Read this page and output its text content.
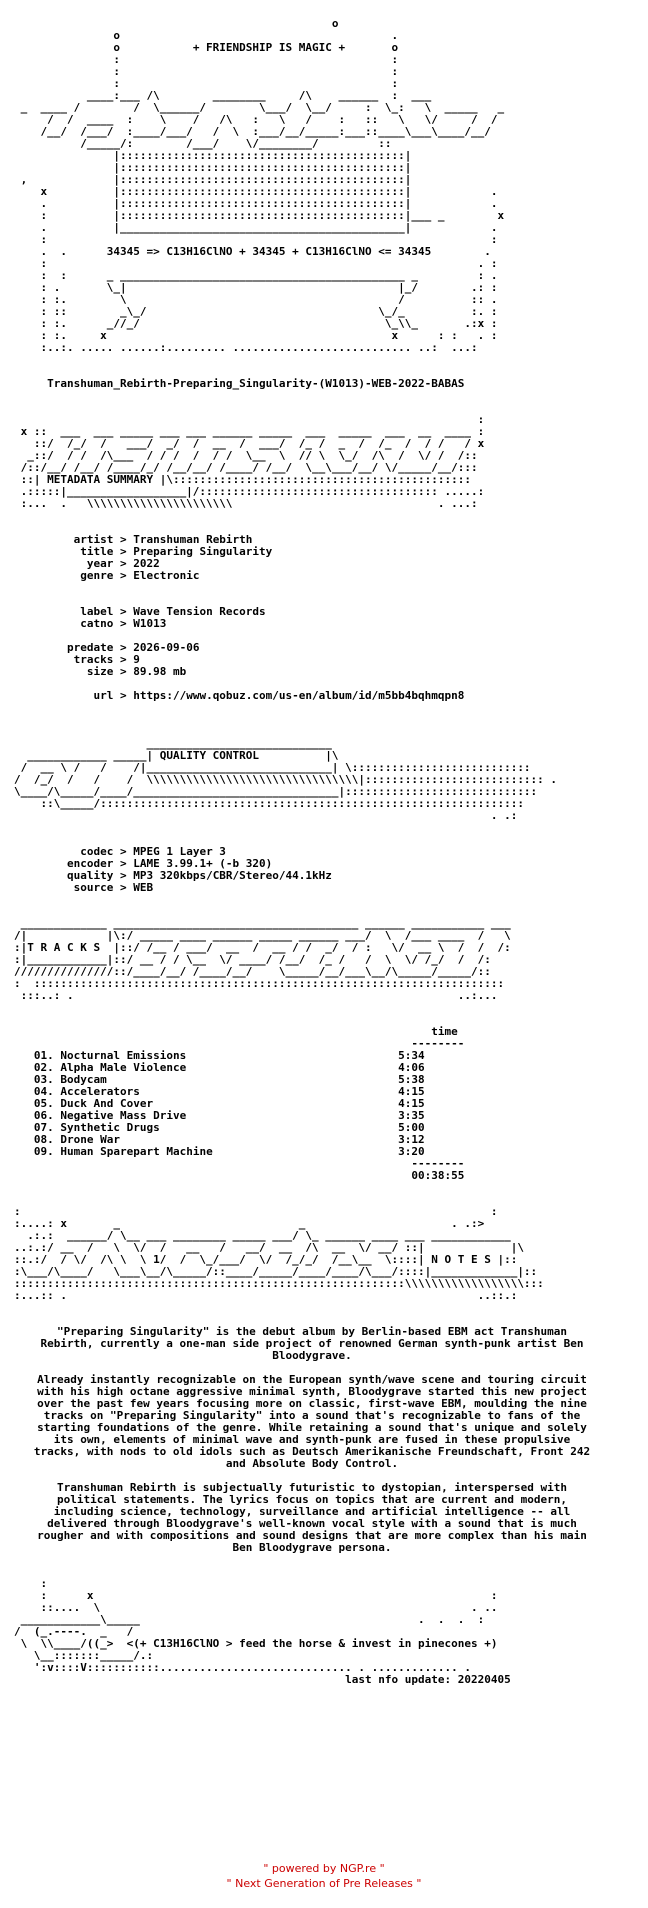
o
o                                         .
o	+ FRIENDSHIP IS MAGIC +	o
:                                         :
:                                         :
:                                         :
____:___ /\        ________     /\    ______  :  ___
_  ____ /        /  \______/        \___/  \__/     :  \_:   \  _____   _
/  /  ____  :    \    /   /\   :   \   /    :   ::   \   \/     /  /
/__/  /___/  :____/___/   /  \  :___/__/_____:___::____\___\____/__/
/_____/:        /___/    \/________/         ::
|:::::::::::::::::::::::::::::::::::::::::::|
|:::::::::::::::::::::::::::::::::::::::::::|
,             |:::::::::::::::::::::::::::::::::::::::::::|
x          |:::::::::::::::::::::::::::::::::::::::::::|            .
.          |:::::::::::::::::::::::::::::::::::::::::::|            .
:          |:::::::::::::::::::::::::::::::::::::::::::|___ _        x
.          |___________________________________________|            .
:                                                                   :
.  .	34345 => C13H16ClNO + 34345 + C13H16ClNO <= 34345	.
:                                                                 . :
:  :      _ ___________________________________________ _         : .
: .       \_|                                         |_/        .: :
: :.        \                                         /          :: .
: ::        _\_/                                   \_/_          :. :
: :.      _//_/                                     \_\\_       .:x :
: :.     x                                           x      : :   . :
:..:. ..... ......:......... ........................... ..:  ...:

Transhuman_Rebirth-Preparing_Singularity-(W1013)-WEB-2022-BABAS

:
x ::  ___  ___ _____ ___ ___ ______ _____  ___  _____  ___  __  ____ :
::/  /_/  /   ___/  _/  /  __  /  ___/  /_ /  _  /  /_  /  / /   / x
_::/  / /  /\___  / / /  /  / /  \__  \  // \  \_/  /\  /  \/ /  /::
/::/__/ /__/ /____/_/ /__/__/ /____/ /__/  \__\___/__/ \/_____/__/:::
::| METADATA SUMMARY |\:::::::::::::::::::::::::::::::::::::::::::::
.:::::|__________________|/:::::::::::::::::::::::::::::::::::: .....:
:...  .   \\\\\\\\\\\\\\\\\\\\\\                               . ...:

artist > Transhuman Rebirth
title > Preparing Singularity
year > 2022
genre > Electronic

label > Wave Tension Records
catno > W1013

predate > 2026-09-06
tracks > 9
size > 89.98 mb

url > https://www.qobuz.com/us-en/album/id/m5bb4bqhmqpn8

____________________________
____________ _____| QUALITY CONTROL	|\
/  __ \ /   /    /|____________________________| \:::::::::::::::::::::::::::
/  /_/  /   /    /  \\\\\\\\\\\\\\\\\\\\\\\\\\\\\\\\|::::::::::::::::::::::::::: .
\____/\_____/____/_______________________________|:::::::::::::::::::::::::::::
::\_____/::::::::::::::::::::::::::::::::::::::::::::::::::::::::::::::::
. .:

codec > MPEG 1 Layer 3
encoder > LAME 3.99.1+ (-b 320)
quality > MP3 320kbps/CBR/Stereo/44.1kHz
source > WEB

_____________ _____________________________________ ______ ___________ ___
/|            |\:/ _____ ____ ______ _____ ______ ___/  \  /___ ____  /   \
:|T R A C K S  |::/ /__ / ___/  __  /  __ / /  _/  / :   \/  __ \  /  /  /:
:|____________|::/ __ / / \__  \/ ____/ /__/  /_ /   /  \  \/ /_/  /  /:
///////////////::/____/__/ /____/__/    \_____/__/___\__/\_____/_____/::
:  :::::::::::::::::::::::::::::::::::::::::::::::::::::::::::::::::::::::
:::..: .                                                          ..:...

time
--------
01. Nocturnal Emissions	5:34
02. Alpha Male Violence	4:06
03. Bodycam	5:38
04. Accelerators	4:15
05. Duck And Cover	4:15
06. Negative Mass Drive	3:35
07. Synthetic Drugs	5:00
08. Drone War	3:12
09. Human Sparepart Machine	3:20
--------
00:38:55

:                                                                       :
:....: x       _                           _                      . .:>
.:.:  ______/ \__ ___ ________ _____ ___/ \_ ______ ____ ___ ____________
..:.:/ __  /   \  \/  /   __   /   __/  __  /\  __  \/ __/ ::|             |\
::.:/  / \/  /\ \  \ 1/  /  \_/___/  \/  /_/_/  /__\__  \::::| N O T E S |::
:\___/\____/   \___\__/\_____/::____/_____/____/____/\___/::::|_____________|::
:::::::::::::::::::::::::::::::::::::::::::::::::::::::::::\\\\\\\\\\\\\\\\\\:::
:...:: .                                                              ..::.:

"Preparing Singularity" is the debut album by Berlin-based EBM act Transhuman Rebirth, currently a one-man side project of renowned German synth-punk artist Ben Bloodygrave.

Already instantly recognizable on the European synth/wave scene and touring circuit with his high octane aggressive minimal synth, Bloodygrave started this new project over the past few years focusing more on classic, first-wave EBM, moulding the nine tracks on "Preparing Singularity" into a sound that's recognizable to fans of the starting foundations of the genre. While retaining a sound that's unique and solely its own, elements of minimal wave and synth-punk are fused in these propulsive tracks, with nods to old idols such as Deutsch Amerikanische Freundschaft, Front 242 and Absolute Body Control.

Transhuman Rebirth is subjectually futuristic to dystopian, interspersed with political statements. The lyrics focus on topics that are current and modern, including science, technology, surveillance and artificial intelligence -- all delivered through Bloodygrave's well-known vocal style with a sound that is much rougher and with compositions and sound designs that are more complex than his main Ben Bloodygrave persona.

:
:      x                                                            :
::....  \                                                        . ..
____________\_____                                          .  .  .  :
/  (_.----.  _   /
\  \\____/((_>  <(+ C13H16ClNO > feed the horse & invest in pinecones +)
\__:::::::_____/.:
':v::::V:::::::::::............................. . ............. .
last nfo update: 20220405

" powered by NGP.re "
" Next Generation of Pre Releases "
